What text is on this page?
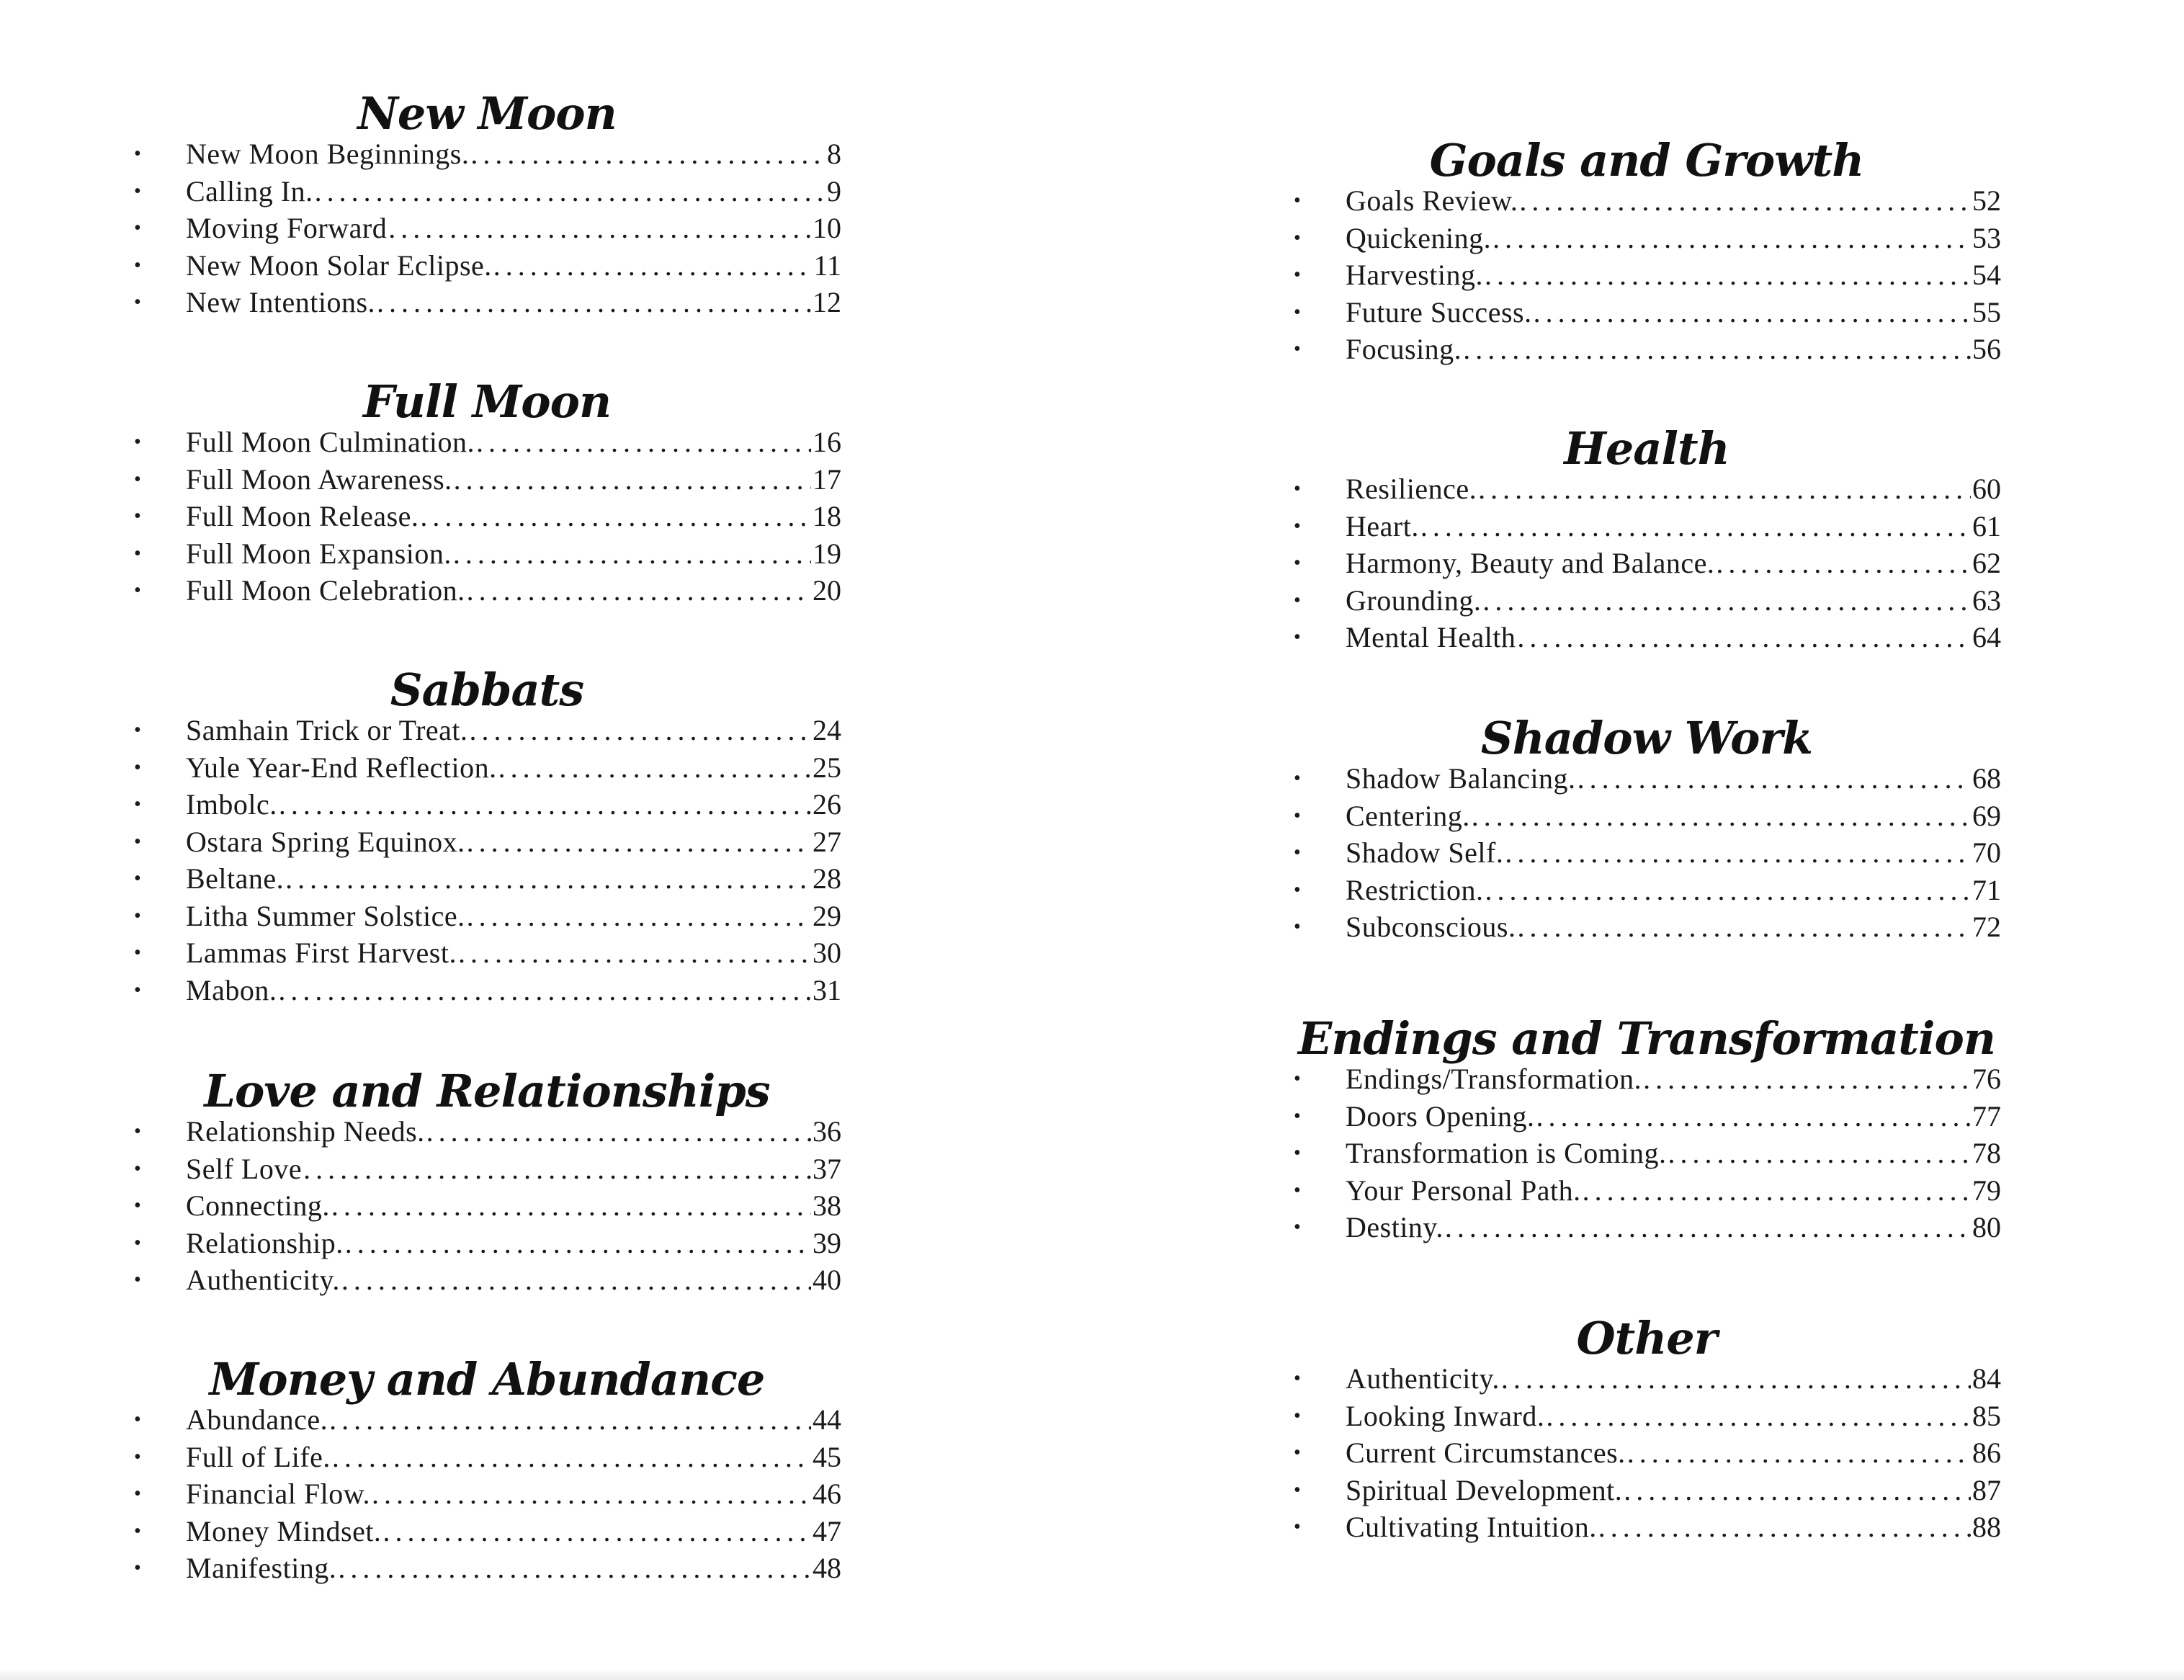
New Moon
• New Moon Beginnings. .....	8
• Calling In. .....	9
• Moving Forward .....	10
• New Moon Solar Eclipse. .....	11
• New Intentions. .....	12
Full Moon
• Full Moon Culmination. .....	16
• Full Moon Awareness. .....	17
• Full Moon Release. .....	18
• Full Moon Expansion. .....	19
• Full Moon Celebration. .....	20
Sabbats
• Samhain Trick or Treat. .....	24
• Yule Year-End Reflection. .....	25
• Imbolc. .....	26
• Ostara Spring Equinox. .....	27
• Beltane. .....	28
• Litha Summer Solstice. .....	29
• Lammas First Harvest. .....	30
• Mabon. .....	31
Love and Relationships
• Relationship Needs. .....	36
• Self Love .....	37
• Connecting. .....	38
• Relationship. .....	39
• Authenticity. .....	40
Money and Abundance
• Abundance. .....	44
• Full of Life. .....	45
• Financial Flow. .....	46
• Money Mindset. .....	47
• Manifesting. .....	48
Goals and Growth
• Goals Review. .....	52
• Quickening. .....	53
• Harvesting. .....	54
• Future Success. .....	55
• Focusing. .....	56
Health
• Resilience. .....	60
• Heart. .....	61
• Harmony, Beauty and Balance. .....	62
• Grounding. .....	63
• Mental Health .....	64
Shadow Work
• Shadow Balancing. .....	68
• Centering. .....	69
• Shadow Self. .....	70
• Restriction. .....	71
• Subconscious. .....	72
Endings and Transformation
• Endings/Transformation. .....	76
• Doors Opening. .....	77
• Transformation is Coming. .....	78
• Your Personal Path. .....	79
• Destiny. .....	80
Other
• Authenticity. .....	84
• Looking Inward. .....	85
• Current Circumstances. .....	86
• Spiritual Development. .....	87
• Cultivating Intuition. .....	88
